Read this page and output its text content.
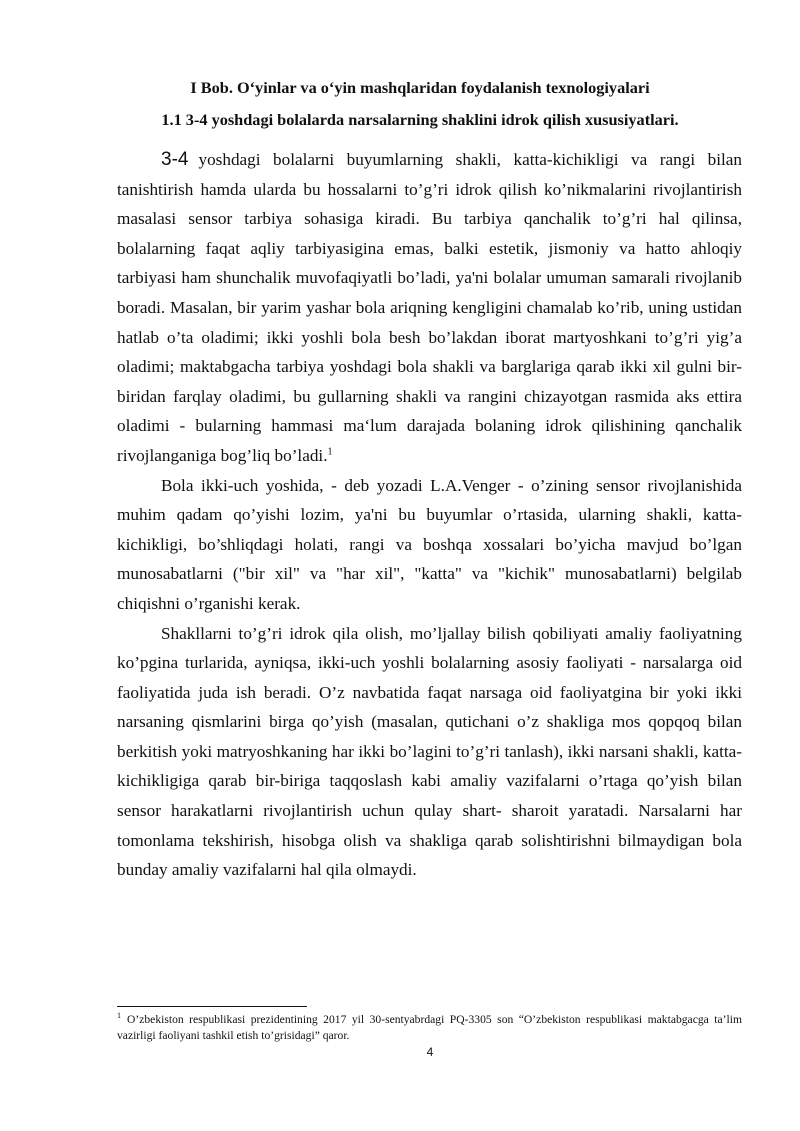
I Bob. O‘yinlar va o‘yin mashqlaridan foydalanish texnologiyalari
1.1 3-4 yoshdagi bolalarda narsalarning shaklini idrok qilish xususiyatlari.

3-4 yoshdagi bolalarni buyumlarning shakli, katta-kichikligi va rangi bilan tanishtirish hamda ularda bu hossalarni to’g’ri idrok qilish ko’nikmalarini rivojlantirish masalasi sensor tarbiya sohasiga kiradi. Bu tarbiya qanchalik to’g’ri hal qilinsa, bolalarning faqat aqliy tarbiyasigina emas, balki estetik, jismoniy va hatto ahloqiy tarbiyasi ham shunchalik muvofaqiyatli bo’ladi, ya'ni bolalar umuman samarali rivojlanib boradi. Masalan, bir yarim yashar bola ariqning kengligini chamalab ko’rib, uning ustidan hatlab o’ta oladimi; ikki yoshli bola besh bo’lakdan iborat martyoshkani to’g’ri yig’a oladimi; maktabgacha tarbiya yoshdagi bola shakli va barglariga qarab ikki xil gulni bir-biridan farqlay oladimi, bu gullarning shakli va rangini chizayotgan rasmida aks ettira oladimi - bularning hammasi ma‘lum darajada bolaning idrok qilishining qanchalik rivojlanganiga bog’liq bo’ladi.$^1$

Bola ikki-uch yoshida, - deb yozadi L.A.Venger - o’zining sensor rivojlanishida muhim qadam qo’yishi lozim, ya'ni bu buyumlar o’rtasida, ularning shakli, katta-kichikligi, bo’shliqdagi holati, rangi va boshqa xossalari bo’yicha mavjud bo’lgan munosabatlarni ("bir xil" va "har xil", "katta" va "kichik" munosabatlarni) belgilab chiqishni o’rganishi kerak.

Shakllarni to’g’ri idrok qila olish, mo’ljallay bilish qobiliyati amaliy faoliyatning ko’pgina turlarida, ayniqsa, ikki-uch yoshli bolalarning asosiy faoliyati - narsalarga oid faoliyatida juda ish beradi. O’z navbatida faqat narsaga oid faoliyatgina bir yoki ikki narsaning qismlarini birga qo’yish (masalan, qutichani o’z shakliga mos qopqoq bilan berkitish yoki matryoshkaning har ikki bo’lagini to’g’ri tanlash), ikki narsani shakli, katta-kichikligiga qarab bir-biriga taqqoslash kabi amaliy vazifalarni o’rtaga qo’yish bilan sensor harakatlarni rivojlantirish uchun qulay shart- sharoit yaratadi. Narsalarni har tomonlama tekshirish, hisobga olish va shakliga qarab solishtirishni bilmaydigan bola bunday amaliy vazifalarni hal qila olmaydi.

$^1$ O’zbekiston respublikasi prezidentining 2017 yil 30-sentyabrdagi PQ-3305 son “O’zbekiston respublikasi maktabgacga ta’lim vazirligi faoliyani tashkil etish to’grisidagi” qaror.

4
